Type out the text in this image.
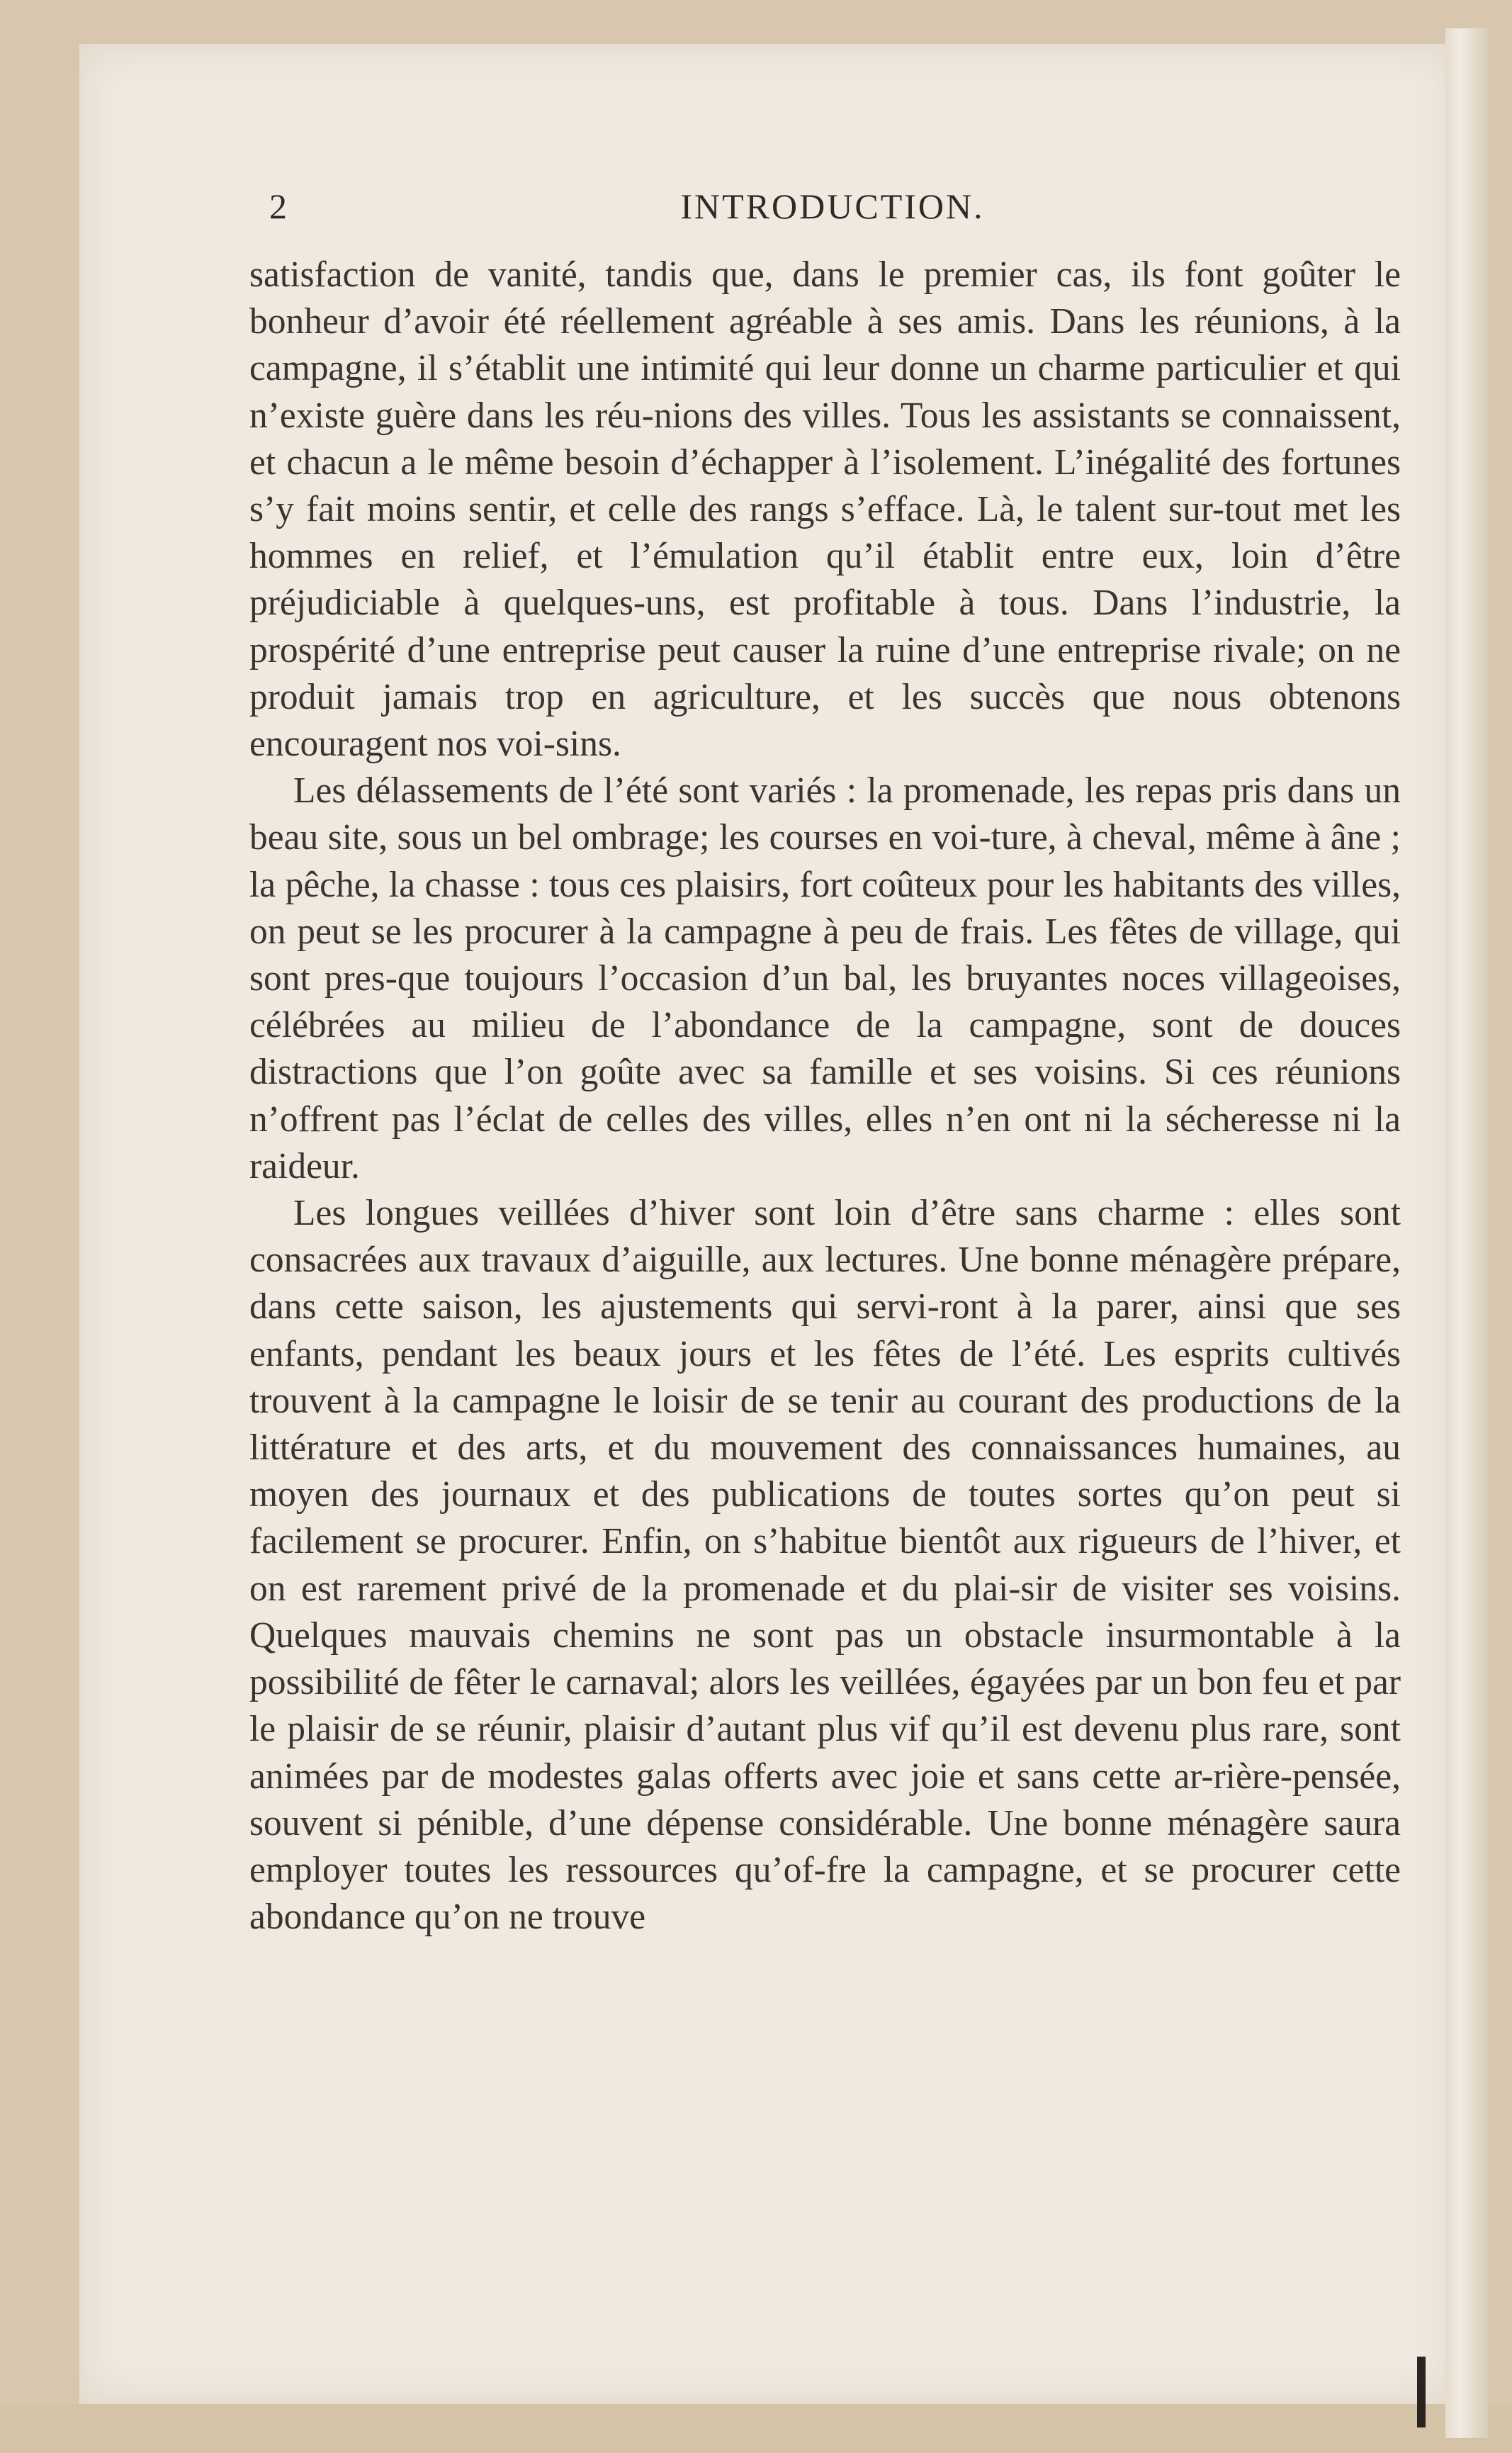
2	INTRODUCTION.

satisfaction de vanité, tandis que, dans le premier cas, ils font goûter le bonheur d’avoir été réellement agréable à ses amis. Dans les réunions, à la campagne, il s’établit une intimité qui leur donne un charme particulier et qui n’existe guère dans les réu-nions des villes. Tous les assistants se connaissent, et chacun a le même besoin d’échapper à l’isolement. L’inégalité des fortunes s’y fait moins sentir, et celle des rangs s’efface. Là, le talent sur-tout met les hommes en relief, et l’émulation qu’il établit entre eux, loin d’être préjudiciable à quelques-uns, est profitable à tous. Dans l’industrie, la prospérité d’une entreprise peut causer la ruine d’une entreprise rivale; on ne produit jamais trop en agriculture, et les succès que nous obtenons encouragent nos voi-sins.

Les délassements de l’été sont variés : la promenade, les repas pris dans un beau site, sous un bel ombrage; les courses en voi-ture, à cheval, même à âne ; la pêche, la chasse : tous ces plaisirs, fort coûteux pour les habitants des villes, on peut se les procurer à la campagne à peu de frais. Les fêtes de village, qui sont pres-que toujours l’occasion d’un bal, les bruyantes noces villageoises, célébrées au milieu de l’abondance de la campagne, sont de douces distractions que l’on goûte avec sa famille et ses voisins. Si ces réunions n’offrent pas l’éclat de celles des villes, elles n’en ont ni la sécheresse ni la raideur.

Les longues veillées d’hiver sont loin d’être sans charme : elles sont consacrées aux travaux d’aiguille, aux lectures. Une bonne ménagère prépare, dans cette saison, les ajustements qui servi-ront à la parer, ainsi que ses enfants, pendant les beaux jours et les fêtes de l’été. Les esprits cultivés trouvent à la campagne le loisir de se tenir au courant des productions de la littérature et des arts, et du mouvement des connaissances humaines, au moyen des journaux et des publications de toutes sortes qu’on peut si facilement se procurer. Enfin, on s’habitue bientôt aux rigueurs de l’hiver, et on est rarement privé de la promenade et du plai-sir de visiter ses voisins. Quelques mauvais chemins ne sont pas un obstacle insurmontable à la possibilité de fêter le carnaval; alors les veillées, égayées par un bon feu et par le plaisir de se réunir, plaisir d’autant plus vif qu’il est devenu plus rare, sont animées par de modestes galas offerts avec joie et sans cette ar-rière-pensée, souvent si pénible, d’une dépense considérable. Une bonne ménagère saura employer toutes les ressources qu’of-fre la campagne, et se procurer cette abondance qu’on ne trouve
